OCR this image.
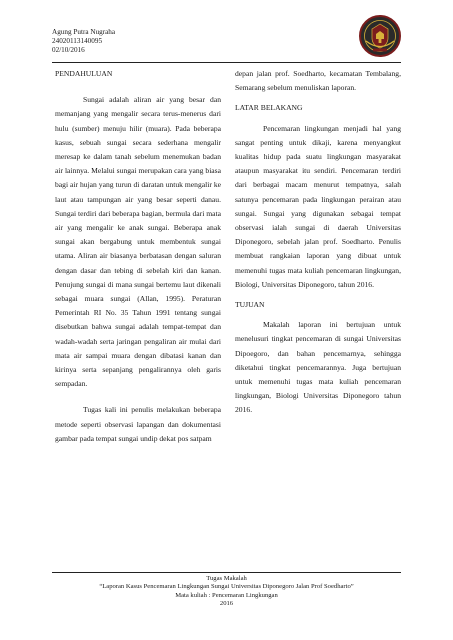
Agung Putra Nugraha
24020113140095
02/10/2016

PENDAHULUAN

Sungai adalah aliran air yang besar dan memanjang yang mengalir secara terus-menerus dari hulu (sumber) menuju hilir (muara). Pada beberapa kasus, sebuah sungai secara sederhana mengalir meresap ke dalam tanah sebelum menemukan badan air lainnya. Melalui sungai merupakan cara yang biasa bagi air hujan yang turun di daratan untuk mengalir ke laut atau tampungan air yang besar seperti danau. Sungai terdiri dari beberapa bagian, bermula dari mata air yang mengalir ke anak sungai. Beberapa anak sungai akan bergabung untuk membentuk sungai utama. Aliran air biasanya berbatasan dengan saluran dengan dasar dan tebing di sebelah kiri dan kanan. Penujung sungai di mana sungai bertemu laut dikenali sebagai muara sungai (Allan, 1995). Peraturan Pemerintah RI No. 35 Tahun 1991 tentang sungai disebutkan bahwa sungai adalah tempat-tempat dan wadah-wadah serta jaringan pengaliran air mulai dari mata air sampai muara dengan dibatasi kanan dan kirinya serta sepanjang pengalirannya oleh garis sempadan.

Tugas kali ini penulis melakukan beberapa metode seperti observasi lapangan dan dokumentasi gambar pada tempat sungai undip dekat pos satpam

depan jalan prof. Soedharto, kecamatan Tembalang, Semarang sebelum menuliskan laporan.

LATAR BELAKANG

Pencemaran lingkungan menjadi hal yang sangat penting untuk dikaji, karena menyangkut kualitas hidup pada suatu lingkungan masyarakat ataupun masyarakat itu sendiri. Pencemaran terdiri dari berbagai macam menurut tempatnya, salah satunya pencemaran pada lingkungan perairan atau sungai. Sungai yang digunakan sebagai tempat observasi ialah sungai di daerah Universitas Diponegoro, sebelah jalan prof. Soedharto. Penulis membuat rangkaian laporan yang dibuat untuk memenuhi tugas mata kuliah pencemaran lingkungan, Biologi, Universitas Diponegoro, tahun 2016.

TUJUAN

Makalah laporan ini bertujuan untuk menelusuri tingkat pencemaran di sungai Universitas Dipoegoro, dan bahan pencemarnya, sehingga diketahui tingkat pencemarannya. Juga bertujuan untuk memenuhi tugas mata kuliah pencemaran lingkungan, Biologi Universitas Diponegoro tahun 2016.

Tugas Makalah
“Laporan Kasus Pencemaran Lingkungan Sungai Universitas Diponegoro Jalan Prof Soedharto”
Mata kuliah : Pencemaran Lingkungan
2016
